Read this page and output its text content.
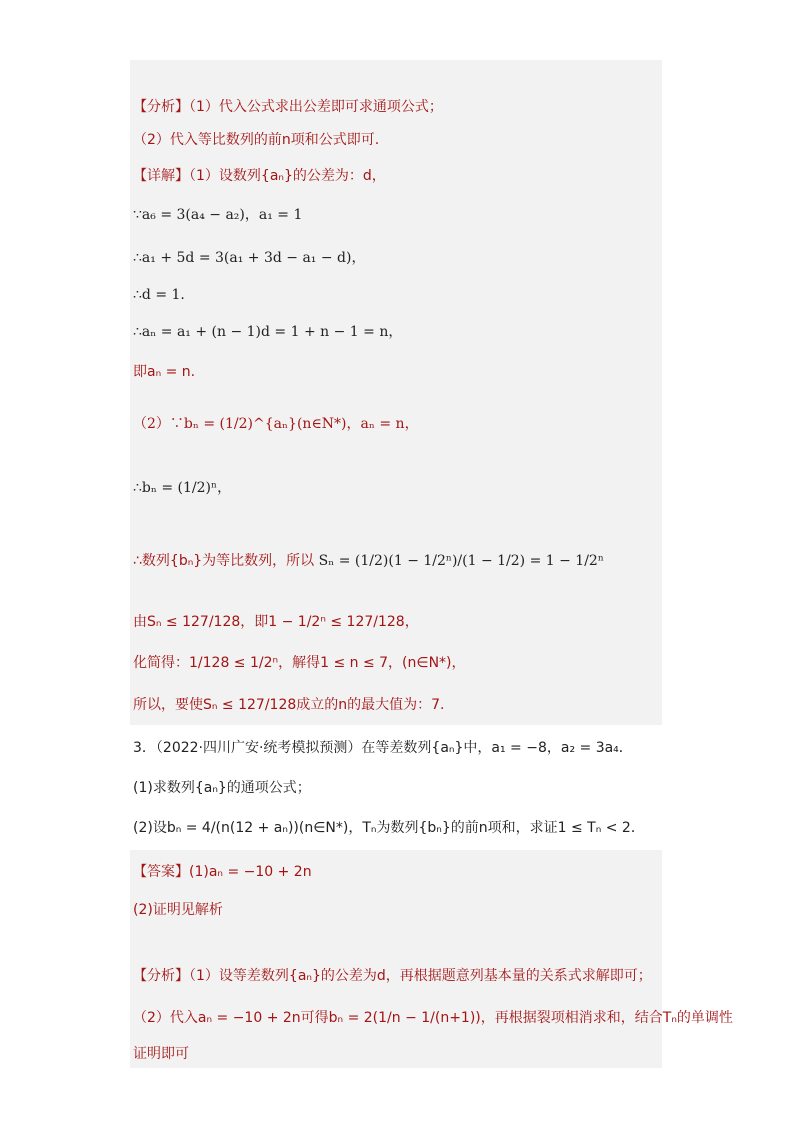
【分析】（1）代入公式求出公差即可求通项公式；
（2）代入等比数列的前n项和公式即可.
【详解】（1）设数列{aₙ}的公差为：d，
∵a₆ = 3(a₄ − a₂)，a₁ = 1
∴a₁ + 5d = 3(a₁ + 3d − a₁ − d)，
∴d = 1.
∴aₙ = a₁ + (n − 1)d = 1 + n − 1 = n，
即aₙ = n.
（2）∵bₙ = (1/2)^{aₙ}(n∈N*)，aₙ = n，
∴bₙ = (1/2)ⁿ，
∴数列{bₙ}为等比数列，所以 Sₙ = (1/2)(1 − 1/2ⁿ)/(1 − 1/2) = 1 − 1/2ⁿ
由Sₙ ≤ 127/128，即1 − 1/2ⁿ ≤ 127/128，
化简得：1/128 ≤ 1/2ⁿ，解得1 ≤ n ≤ 7，(n∈N*)，
所以，要使Sₙ ≤ 127/128成立的n的最大值为：7.
3．（2022·四川广安·统考模拟预测）在等差数列{aₙ}中，a₁ = −8，a₂ = 3a₄．
(1)求数列{aₙ}的通项公式；
(2)设bₙ = 4/(n(12 + aₙ))(n∈N*)，Tₙ为数列{bₙ}的前n项和，求证1 ≤ Tₙ < 2．
【答案】(1)aₙ = −10 + 2n
(2)证明见解析
【分析】（1）设等差数列{aₙ}的公差为d，再根据题意列基本量的关系式求解即可；
（2）代入aₙ = −10 + 2n可得bₙ = 2(1/n − 1/(n+1))，再根据裂项相消求和，结合Tₙ的单调性
证明即可
